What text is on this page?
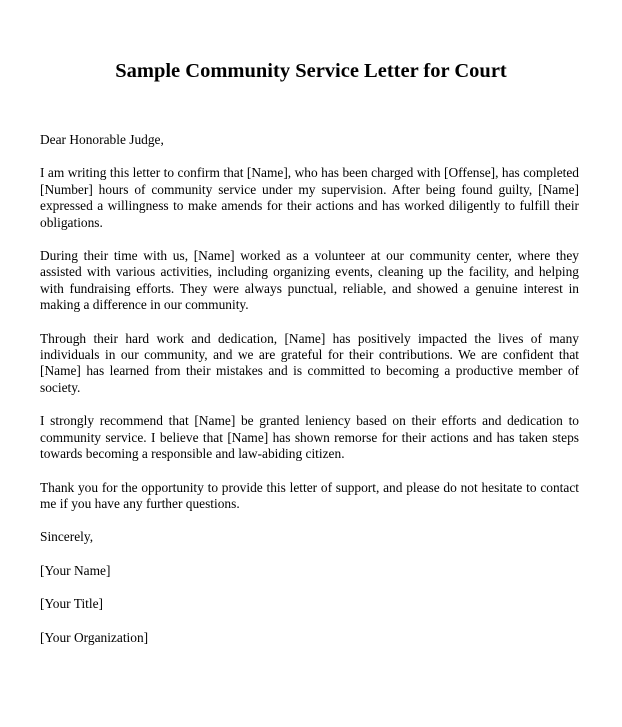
Sample Community Service Letter for Court

Dear Honorable Judge,

I am writing this letter to confirm that [Name], who has been charged with [Offense], has completed [Number] hours of community service under my supervision. After being found guilty, [Name] expressed a willingness to make amends for their actions and has worked diligently to fulfill their obligations.

During their time with us, [Name] worked as a volunteer at our community center, where they assisted with various activities, including organizing events, cleaning up the facility, and helping with fundraising efforts. They were always punctual, reliable, and showed a genuine interest in making a difference in our community.

Through their hard work and dedication, [Name] has positively impacted the lives of many individuals in our community, and we are grateful for their contributions. We are confident that [Name] has learned from their mistakes and is committed to becoming a productive member of society.

I strongly recommend that [Name] be granted leniency based on their efforts and dedication to community service. I believe that [Name] has shown remorse for their actions and has taken steps towards becoming a responsible and law-abiding citizen.

Thank you for the opportunity to provide this letter of support, and please do not hesitate to contact me if you have any further questions.

Sincerely,

[Your Name]

[Your Title]

[Your Organization]
